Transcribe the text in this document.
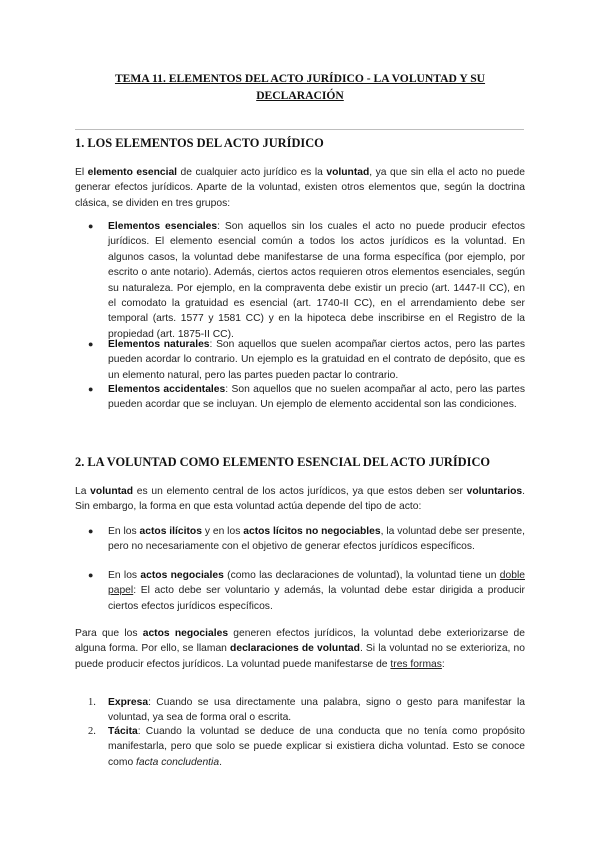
TEMA 11. ELEMENTOS DEL ACTO JURÍDICO - LA VOLUNTAD Y SU DECLARACIÓN
1. LOS ELEMENTOS DEL ACTO JURÍDICO

El elemento esencial de cualquier acto jurídico es la voluntad, ya que sin ella el acto no puede generar efectos jurídicos. Aparte de la voluntad, existen otros elementos que, según la doctrina clásica, se dividen en tres grupos:

● Elementos esenciales: Son aquellos sin los cuales el acto no puede producir efectos jurídicos. El elemento esencial común a todos los actos jurídicos es la voluntad. En algunos casos, la voluntad debe manifestarse de una forma específica (por ejemplo, por escrito o ante notario). Además, ciertos actos requieren otros elementos esenciales, según su naturaleza. Por ejemplo, en la compraventa debe existir un precio (art. 1447-II CC), en el comodato la gratuidad es esencial (art. 1740-II CC), en el arrendamiento debe ser temporal (arts. 1577 y 1581 CC) y en la hipoteca debe inscribirse en el Registro de la propiedad (art. 1875-II CC).

● Elementos naturales: Son aquellos que suelen acompañar ciertos actos, pero las partes pueden acordar lo contrario. Un ejemplo es la gratuidad en el contrato de depósito, que es un elemento natural, pero las partes pueden pactar lo contrario.

● Elementos accidentales: Son aquellos que no suelen acompañar al acto, pero las partes pueden acordar que se incluyan. Un ejemplo de elemento accidental son las condiciones.

2. LA VOLUNTAD COMO ELEMENTO ESENCIAL DEL ACTO JURÍDICO

La voluntad es un elemento central de los actos jurídicos, ya que estos deben ser voluntarios. Sin embargo, la forma en que esta voluntad actúa depende del tipo de acto:

● En los actos ilícitos y en los actos lícitos no negociables, la voluntad debe ser presente, pero no necesariamente con el objetivo de generar efectos jurídicos específicos.

● En los actos negociales (como las declaraciones de voluntad), la voluntad tiene un doble papel: El acto debe ser voluntario y además, la voluntad debe estar dirigida a producir ciertos efectos jurídicos específicos.

Para que los actos negociales generen efectos jurídicos, la voluntad debe exteriorizarse de alguna forma. Por ello, se llaman declaraciones de voluntad. Si la voluntad no se exterioriza, no puede producir efectos jurídicos. La voluntad puede manifestarse de tres formas:

1. Expresa: Cuando se usa directamente una palabra, signo o gesto para manifestar la voluntad, ya sea de forma oral o escrita.

2. Tácita: Cuando la voluntad se deduce de una conducta que no tenía como propósito manifestarla, pero que solo se puede explicar si existiera dicha voluntad. Esto se conoce como facta concludentia.
